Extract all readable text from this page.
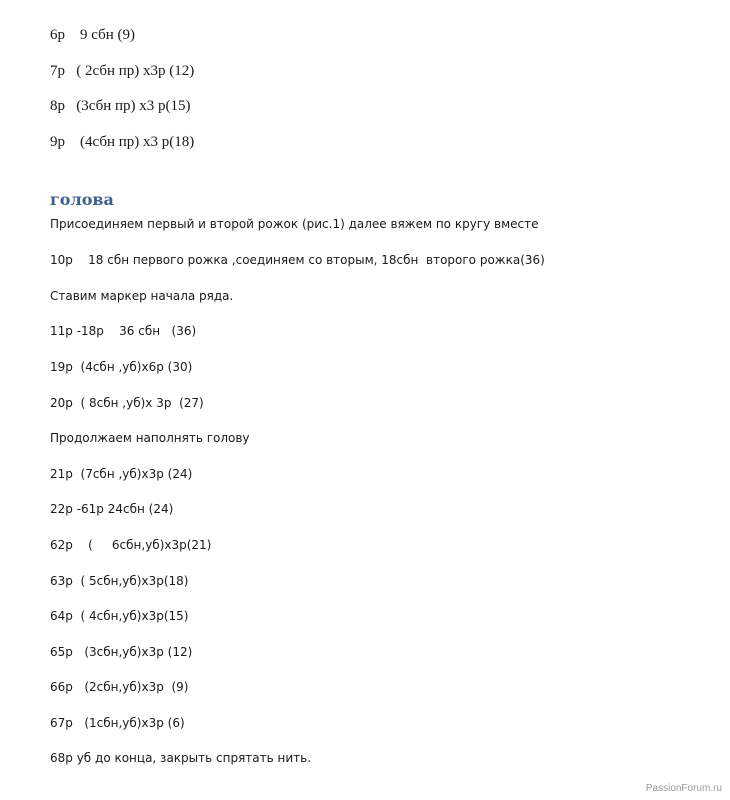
6р    9 сбн (9)
7р   ( 2сбн пр) х3р (12)
8р   (3сбн пр) х3 р(15)
9р    (4сбн пр) х3 р(18)
голова
Присоединяем первый и второй рожок (рис.1) далее вяжем по кругу вместе
10р    18 сбн первого рожка ,соединяем со вторым, 18сбн  второго рожка(36)
Ставим маркер начала ряда.
11р -18р    36 сбн   (36)
19р  (4сбн ,уб)х6р (30)
20р  ( 8сбн ,уб)х 3р  (27)
Продолжаем наполнять голову
21р  (7сбн ,уб)х3р (24)
22р -61р 24сбн (24)
62р    (     6сбн,уб)х3р(21)
63р  ( 5сбн,уб)х3р(18)
64р  ( 4сбн,уб)х3р(15)
65р   (3сбн,уб)х3р (12)
66р   (2сбн,уб)х3р  (9)
67р   (1сбн,уб)х3р (6)
68р уб до конца, закрыть спрятать нить.
PassionForum.ru
